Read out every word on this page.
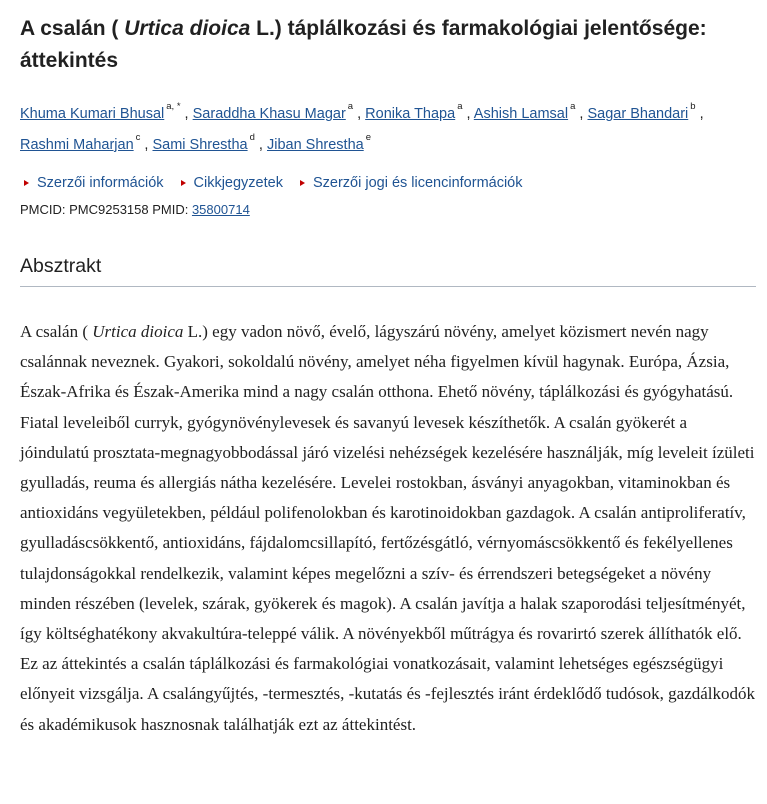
A csalán ( Urtica dioica L.) táplálkozási és farmakológiai jelentősége: áttekintés
Khuma Kumari Bhusal $^{a, *}$ , Saraddha Khasu Magar $^a$ , Ronika Thapa $^a$ , Ashish Lamsal $^a$ , Sagar Bhandari $^b$ , Rashmi Maharjan $^c$ , Sami Shrestha $^d$ , Jiban Shrestha $^e$
Szerzői információk Cikkjegyzetek Szerzői jogi és licencinformációk
PMCID: PMC9253158 PMID: 35800714
Absztrakt

A csalán ( Urtica dioica L.) egy vadon növő, évelő, lágyszárú növény, amelyet közismert nevén nagy csalánnak neveznek. Gyakori, sokoldalú növény, amelyet néha figyelmen kívül hagynak. Európa, Ázsia, Észak-Afrika és Észak-Amerika mind a nagy csalán otthona. Ehető növény, táplálkozási és gyógyhatású. Fiatal leveleiből curryk, gyógynövénylevesek és savanyú levesek készíthetők. A csalán gyökerét a jóindulatú prosztata-megnagyobbodással járó vizelési nehézségek kezelésére használják, míg leveleit ízületi gyulladás, reuma és allergiás nátha kezelésére. Levelei rostokban, ásványi anyagokban, vitaminokban és antioxidáns vegyületekben, például polifenolokban és karotinoidokban gazdagok. A csalán antiproliferatív, gyulladáscsökkentő, antioxidáns, fájdalomcsillapító, fertőzésgátló, vérnyomáscsökkentő és fekélyellenes tulajdonságokkal rendelkezik, valamint képes megelőzni a szív- és érrendszeri betegségeket a növény minden részében (levelek, szárak, gyökerek és magok). A csalán javítja a halak szaporodási teljesítményét, így költséghatékony akvakultúra-teleppé válik. A növényekből műtrágya és rovarirtó szerek állíthatók elő. Ez az áttekintés a csalán táplálkozási és farmakológiai vonatkozásait, valamint lehetséges egészségügyi előnyeit vizsgálja. A csalángyűjtés, -termesztés, -kutatás és -fejlesztés iránt érdeklődő tudósok, gazdálkodók és akadémikusok hasznosnak találhatják ezt az áttekintést.
